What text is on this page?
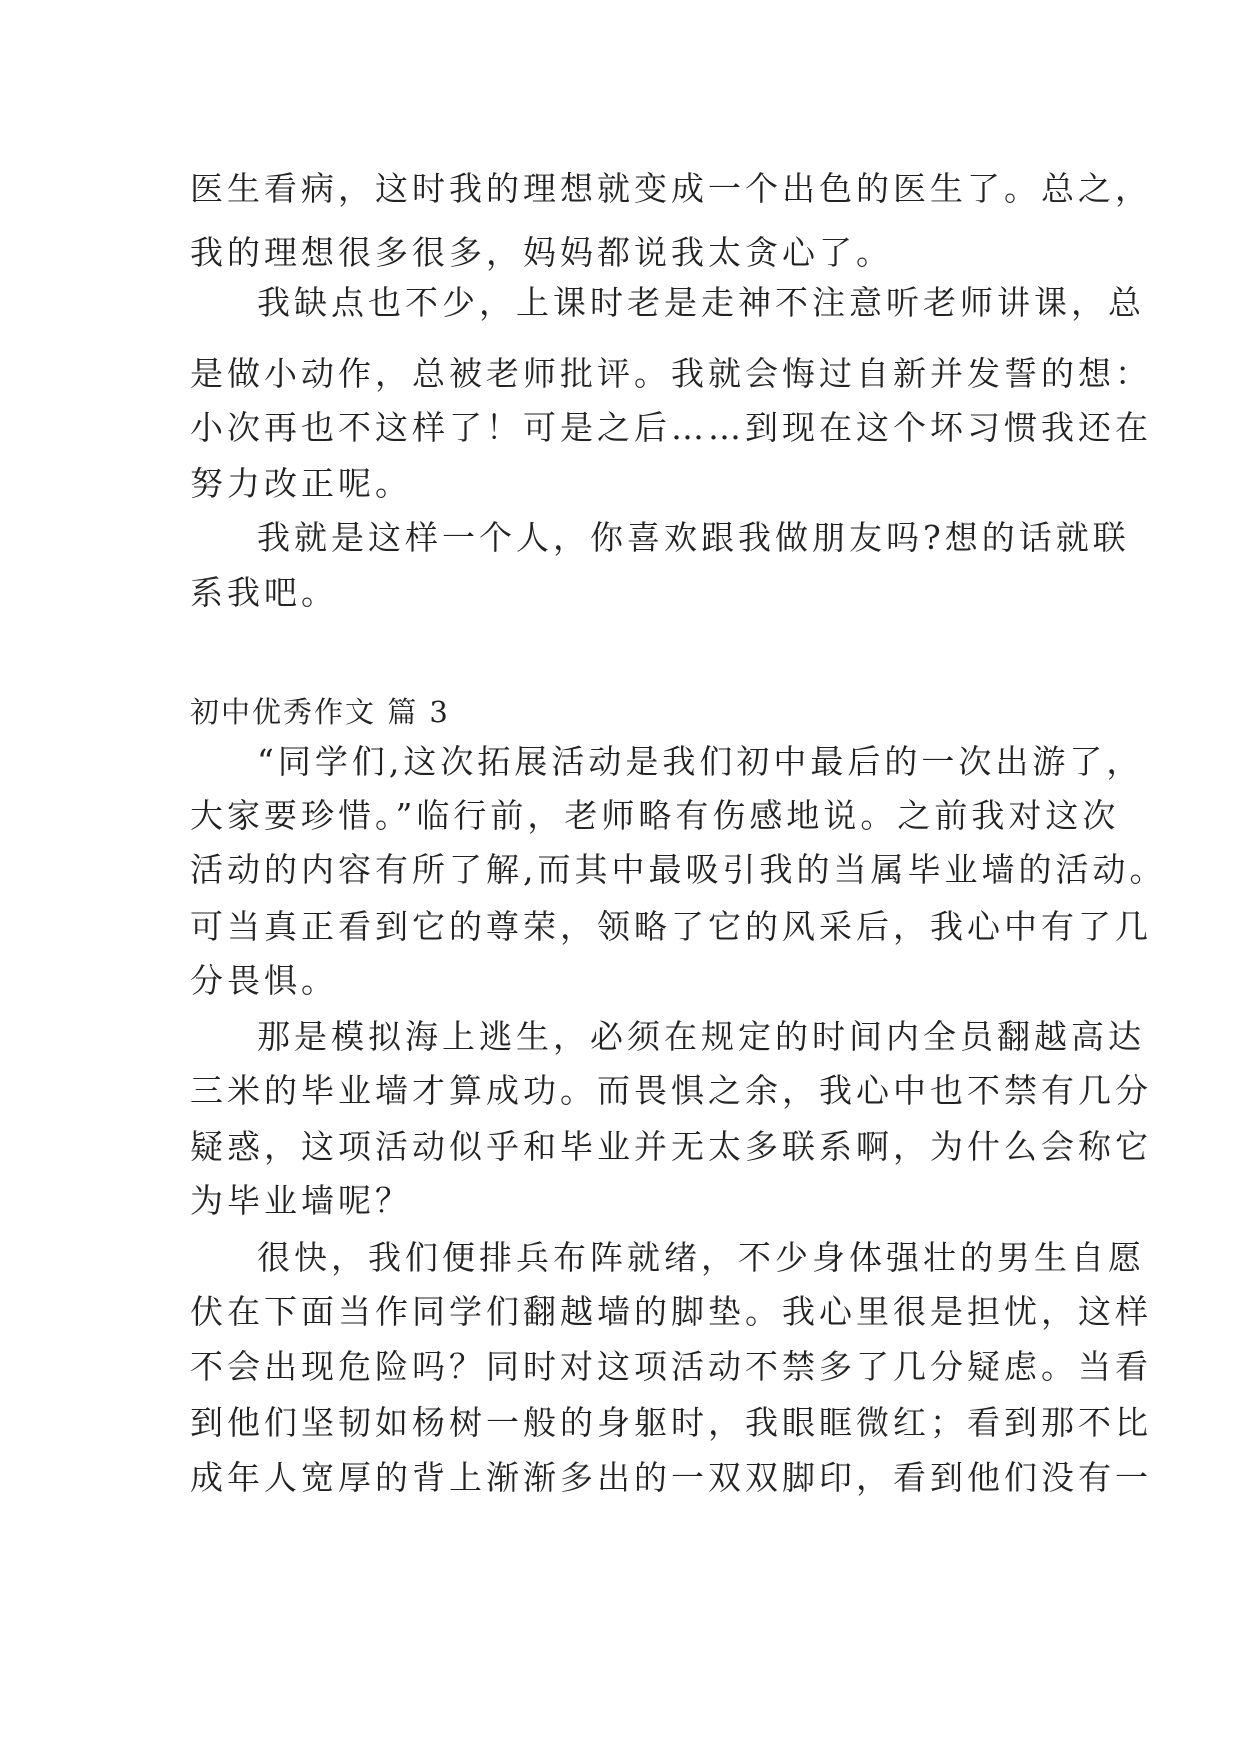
医生看病，这时我的理想就变成一个出色的医生了。总之，
我的理想很多很多，妈妈都说我太贪心了。
我缺点也不少，上课时老是走神不注意听老师讲课，总
是做小动作，总被老师批评。我就会悔过自新并发誓的想：
小次再也不这样了！可是之后……到现在这个坏习惯我还在
努力改正呢。
我就是这样一个人，你喜欢跟我做朋友吗?想的话就联
系我吧。
初中优秀作文 篇 3
“同学们,这次拓展活动是我们初中最后的一次出游了，
大家要珍惜。”临行前，老师略有伤感地说。之前我对这次
活动的内容有所了解,而其中最吸引我的当属毕业墙的活动。
可当真正看到它的尊荣，领略了它的风采后，我心中有了几
分畏惧。
那是模拟海上逃生，必须在规定的时间内全员翻越高达
三米的毕业墙才算成功。而畏惧之余，我心中也不禁有几分
疑惑，这项活动似乎和毕业并无太多联系啊，为什么会称它
为毕业墙呢？
很快，我们便排兵布阵就绪，不少身体强壮的男生自愿
伏在下面当作同学们翻越墙的脚垫。我心里很是担忧，这样
不会出现危险吗？同时对这项活动不禁多了几分疑虑。当看
到他们坚韧如杨树一般的身躯时，我眼眶微红；看到那不比
成年人宽厚的背上渐渐多出的一双双脚印，看到他们没有一
